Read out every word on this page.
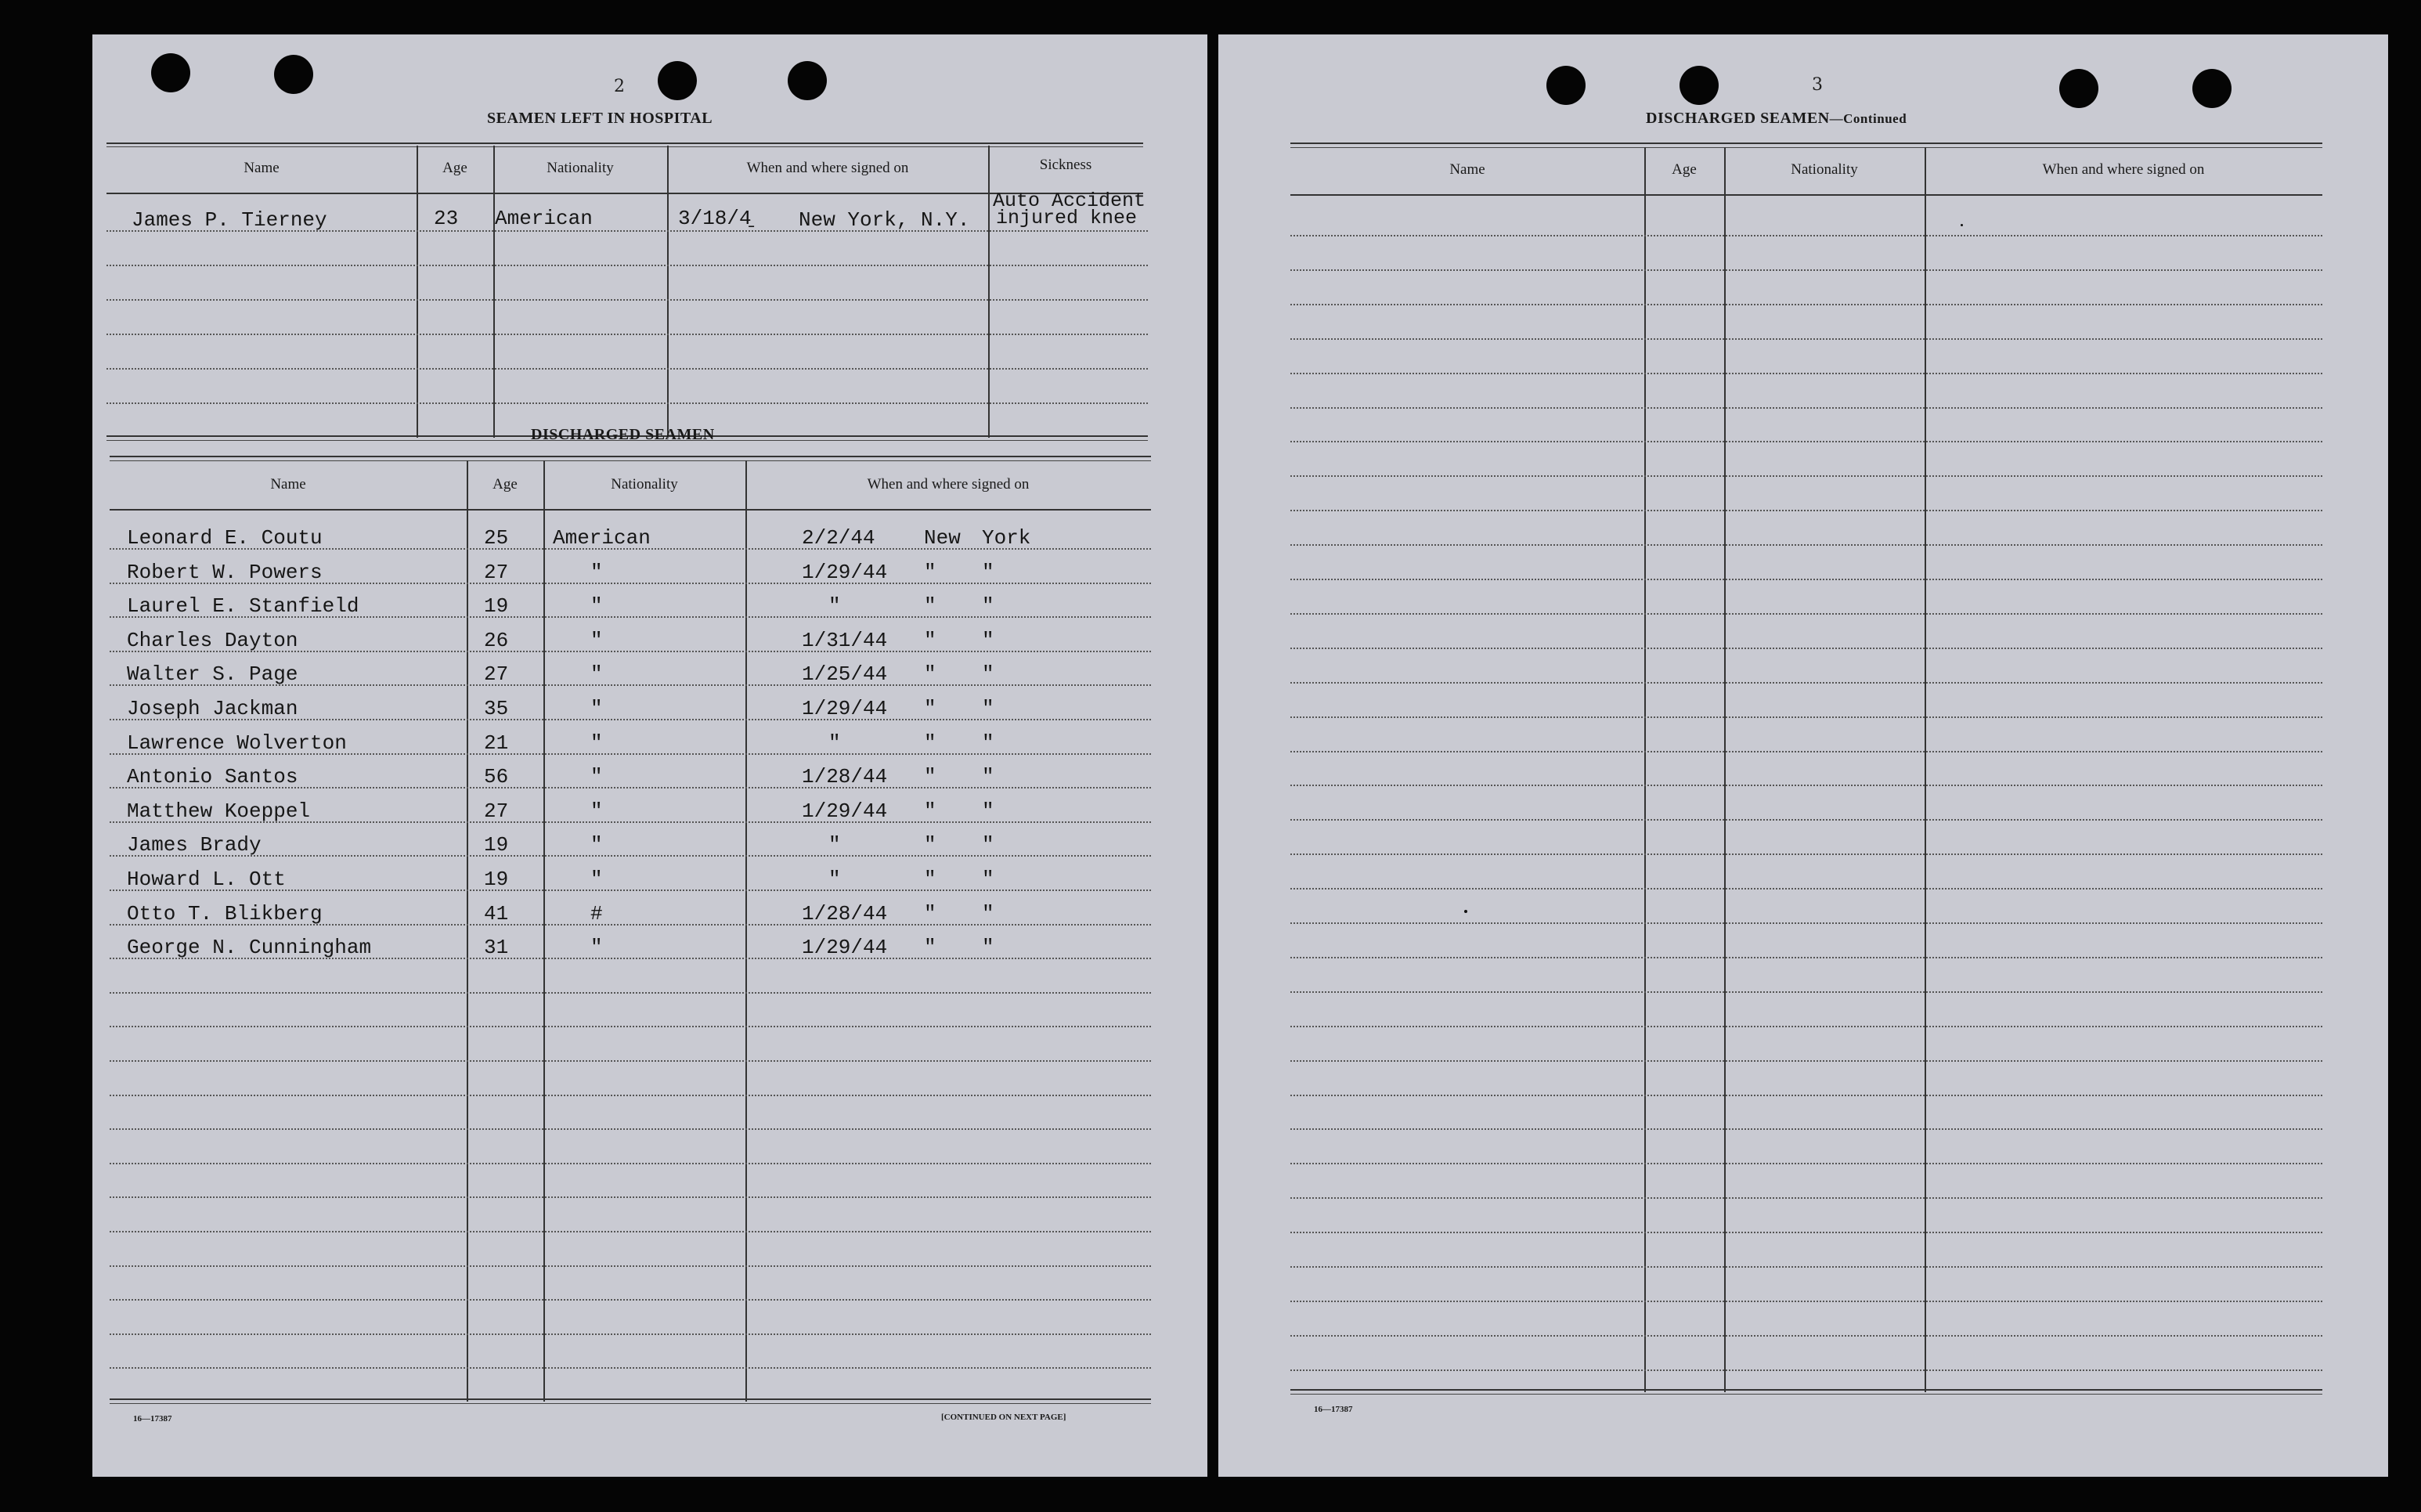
2
SEAMEN LEFT IN HOSPITAL
Name	Age	Nationality	When and where signed on	Sickness
James P. Tierney	23 American	3/18/4̱ New York, N.Y.
Auto Accident
injured knee
DISCHARGED SEAMEN
Name	Age	Nationality	When and where signed on
Leonard E. Coutu	25 American	2/2/44 New York
Robert W. Powers	27	"	1/29/44 " "
Laurel E. Stanfield	19	"	"	" "
Charles Dayton	26	"	1/31/44 " "
Walter S. Page	27	"	1/25/44 " "
Joseph Jackman	35	"	1/29/44 " "
Lawrence Wolverton	21	"	"	" "
Antonio Santos	56	"	1/28/44 " "
Matthew Koeppel	27	"	1/29/44 " "
James Brady	19	"	"	" "
Howard L. Ott	19	"	"	" "
Otto T. Blikberg	41	#	1/28/44 " "
George N. Cunningham	31	"	1/29/44 " "
16—17387	[CONTINUED ON NEXT PAGE]
3
DISCHARGED SEAMEN—Continued
Name	Age	Nationality	When and where signed on
16—17387
